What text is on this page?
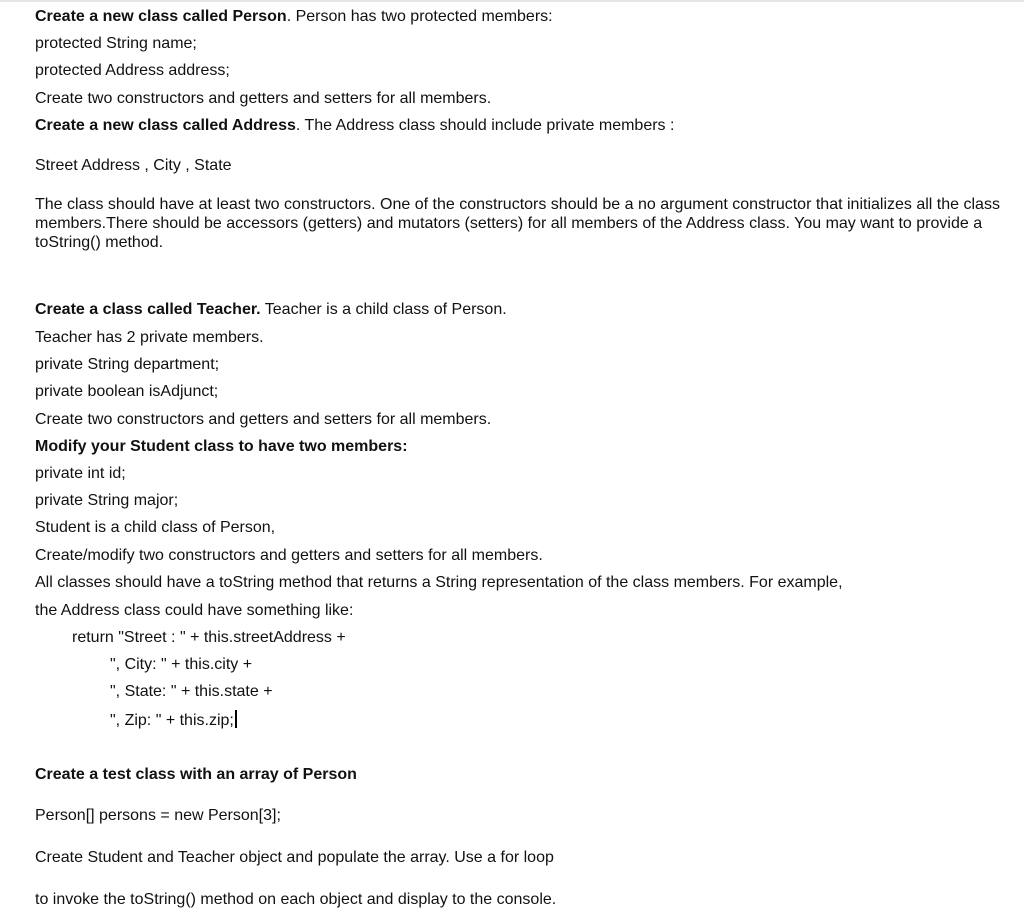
Create a new class called Person. Person has two protected members:
protected String name;
protected Address address;
Create two constructors and getters and setters for all members.
Create a new class called Address. The Address class should include private members :
Street Address , City , State
The class should have at least two constructors. One of the constructors should be a no argument constructor that initializes all the class members.There should be accessors (getters) and mutators (setters) for all members of the Address class. You may want to provide a toString() method.
Create a class called Teacher. Teacher is a child class of Person.
Teacher has 2 private members.
private String department;
private boolean isAdjunct;
Create two constructors and getters and setters for all members.
Modify your Student class to have two members:
private int id;
private String major;
Student is a child class of Person,
Create/modify two constructors and getters and setters for all members.
All classes should have a toString method that returns a String representation of the class members. For example,
the Address class could have something like:
return "Street : " + this.streetAddress +
", City: " + this.city +
", State: " + this.state +
", Zip: " + this.zip;
Create a test class with an array of Person
Person[] persons = new Person[3];
Create Student and Teacher object and populate the array. Use a for loop
to invoke the toString() method on each object and display to the console.
